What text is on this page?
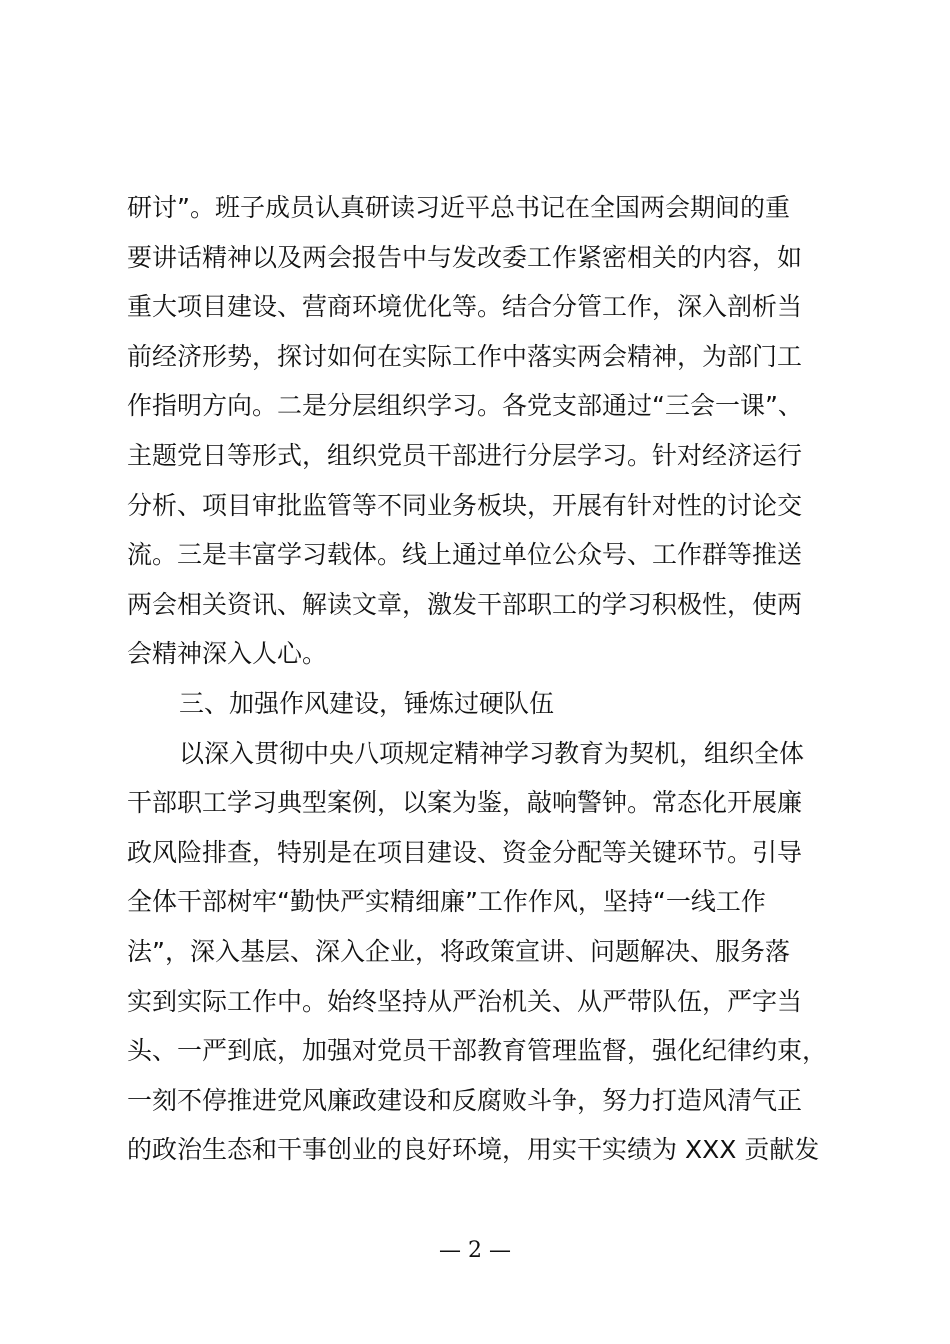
研讨”。班子成员认真研读习近平总书记在全国两会期间的重
要讲话精神以及两会报告中与发改委工作紧密相关的内容，如
重大项目建设、营商环境优化等。结合分管工作，深入剖析当
前经济形势，探讨如何在实际工作中落实两会精神，为部门工
作指明方向。二是分层组织学习。各党支部通过“三会一课”、
主题党日等形式，组织党员干部进行分层学习。针对经济运行
分析、项目审批监管等不同业务板块，开展有针对性的讨论交
流。三是丰富学习载体。线上通过单位公众号、工作群等推送
两会相关资讯、解读文章，激发干部职工的学习积极性，使两
会精神深入人心。
三、加强作风建设，锤炼过硬队伍
以深入贯彻中央八项规定精神学习教育为契机，组织全体
干部职工学习典型案例，以案为鉴，敲响警钟。常态化开展廉
政风险排查，特别是在项目建设、资金分配等关键环节。引导
全体干部树牢“勤快严实精细廉”工作作风，坚持“一线工作
法”，深入基层、深入企业，将政策宣讲、问题解决、服务落
实到实际工作中。始终坚持从严治机关、从严带队伍，严字当
头、一严到底，加强对党员干部教育管理监督，强化纪律约束，
一刻不停推进党风廉政建设和反腐败斗争，努力打造风清气正
的政治生态和干事创业的良好环境，用实干实绩为 XXX 贡献发
— 2 —
